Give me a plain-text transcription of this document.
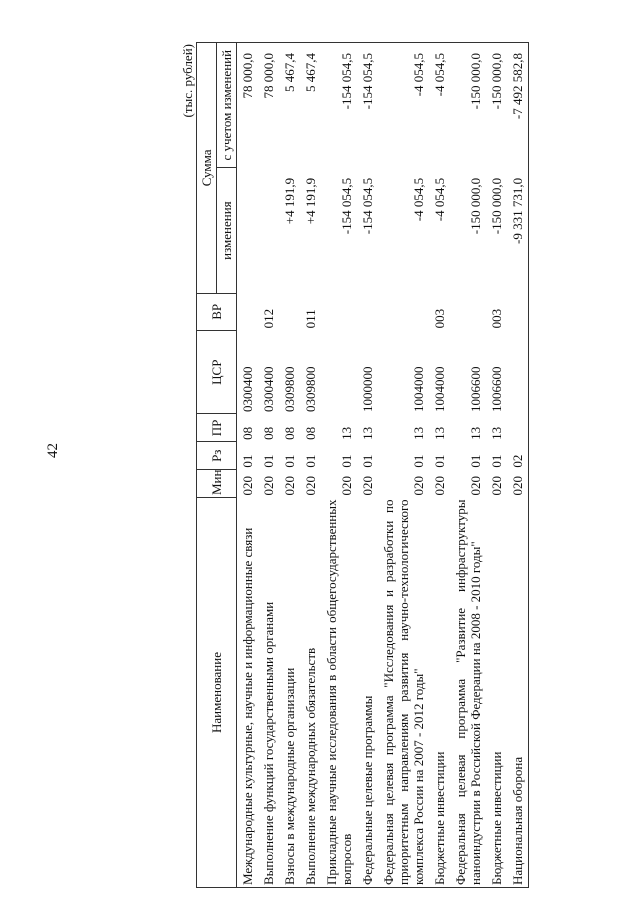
42
(тыс. рублей)
Наименование	Мин	Рз	ПР	ЦСР	ВР	Сумма	
						изменения	с учетом изменений
Международные культурные, научные и информационные связи	020	01	08	0300400			78 000,0
Выполнение функций государственными органами	020	01	08	0300400	012		78 000,0
Взносы в международные организации	020	01	08	0309800		+4 191,9	5 467,4
Выполнение международных обязательств	020	01	08	0309800	011	+4 191,9	5 467,4
Прикладные научные исследования в области общегосударственных вопросов	020	01	13			-154 054,5	-154 054,5
Федеральные целевые программы	020	01	13	1000000		-154 054,5	-154 054,5
Федеральная целевая программа "Исследования и разработки по приоритетным направлениям развития научно-технологического комплекса России на 2007 - 2012 годы"	020	01	13	1004000		-4 054,5	-4 054,5
Бюджетные инвестиции	020	01	13	1004000	003	-4 054,5	-4 054,5
Федеральная целевая программа "Развитие инфраструктуры наноиндустрии в Российской Федерации на 2008 - 2010 годы"	020	01	13	1006600		-150 000,0	-150 000,0
Бюджетные инвестиции	020	01	13	1006600	003	-150 000,0	-150 000,0
Национальная оборона	020	02				-9 331 731,0	-7 492 582,8
